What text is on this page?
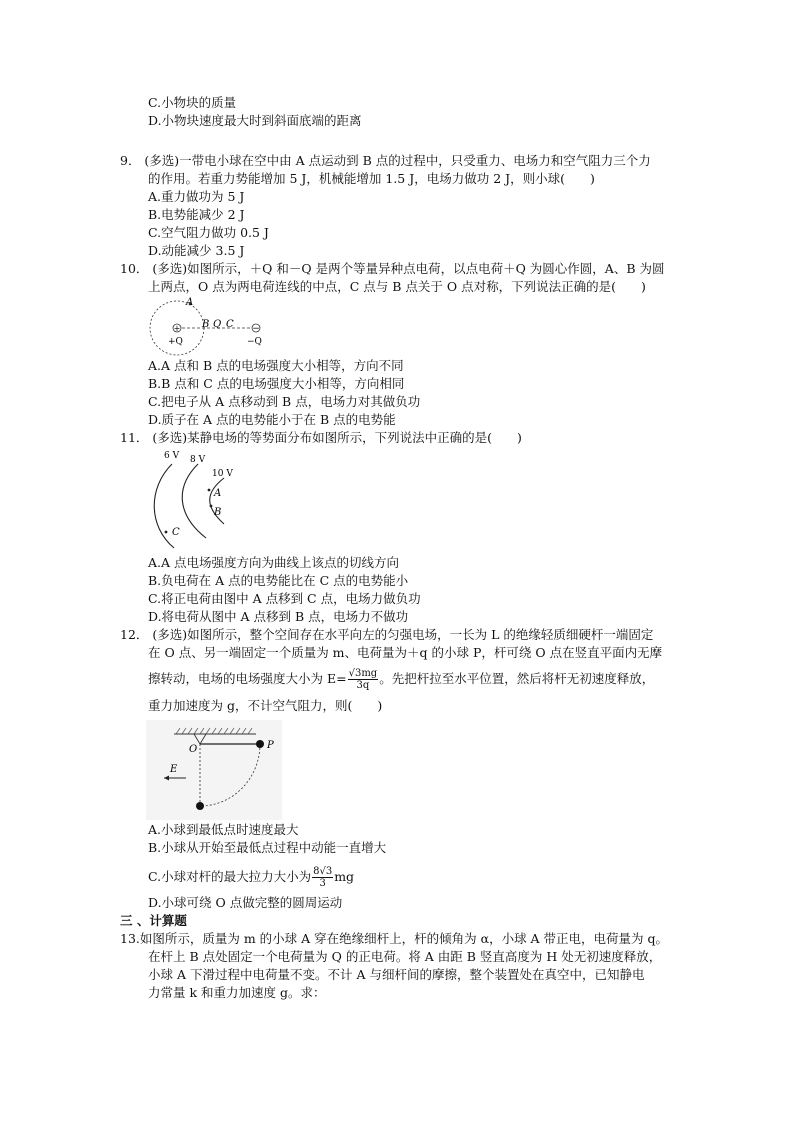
C.小物块的质量
D.小物块速度最大时到斜面底端的距离
9． (多选)一带电小球在空中由 A 点运动到 B 点的过程中，只受重力、电场力和空气阻力三个力
的作用。若重力势能增加 5 J，机械能增加 1.5 J，电场力做功 2 J，则小球(　　)
A.重力做功为 5 J
B.电势能减少 2 J
C.空气阻力做功 0.5 J
D.动能减少 3.5 J
10． (多选)如图所示，＋Q 和－Q 是两个等量异种点电荷，以点电荷＋Q 为圆心作圆，A、B 为圆
上两点，O 点为两电荷连线的中点，C 点与 B 点关于 O 点对称，下列说法正确的是(　　)
+	−
A
B Q C
+Q	−Q
A.A 点和 B 点的电场强度大小相等，方向不同
B.B 点和 C 点的电场强度大小相等，方向相同
C.把电子从 A 点移动到 B 点，电场力对其做负功
D.质子在 A 点的电势能小于在 B 点的电势能
11． (多选)某静电场的等势面分布如图所示，下列说法中正确的是(　　)
6 V 8 V
10 V
A
B
C
A.A 点电场强度方向为曲线上该点的切线方向
B.负电荷在 A 点的电势能比在 C 点的电势能小
C.将正电荷由图中 A 点移到 C 点，电场力做负功
D.将电荷从图中 A 点移到 B 点，电场力不做功
12． (多选)如图所示，整个空间存在水平向左的匀强电场，一长为 L 的绝缘轻质细硬杆一端固定
在 O 点、另一端固定一个质量为 m、电荷量为＋q 的小球 P，杆可绕 O 点在竖直平面内无摩
擦转动，电场的电场强度大小为 $E= \frac{√3mg}{3q}$ 。先把杆拉至水平位置，然后将杆无初速度释放，
重力加速度为 g，不计空气阻力，则(　　)
O	P
E
A.小球到最低点时速度最大
B.小球从开始至最低点过程中动能一直增大
C.小球对杆的最大拉力大小为 $\frac{8√3}{3}$ mg
D.小球可绕 O 点做完整的圆周运动
三 、计算题
13.如图所示，质量为 m 的小球 A 穿在绝缘细杆上，杆的倾角为 α，小球 A 带正电，电荷量为 q。
在杆上 B 点处固定一个电荷量为 Q 的正电荷。将 A 由距 B 竖直高度为 H 处无初速度释放，
小球 A 下滑过程中电荷量不变。不计 A 与细杆间的摩擦，整个装置处在真空中，已知静电
力常量 k 和重力加速度 g。求：
